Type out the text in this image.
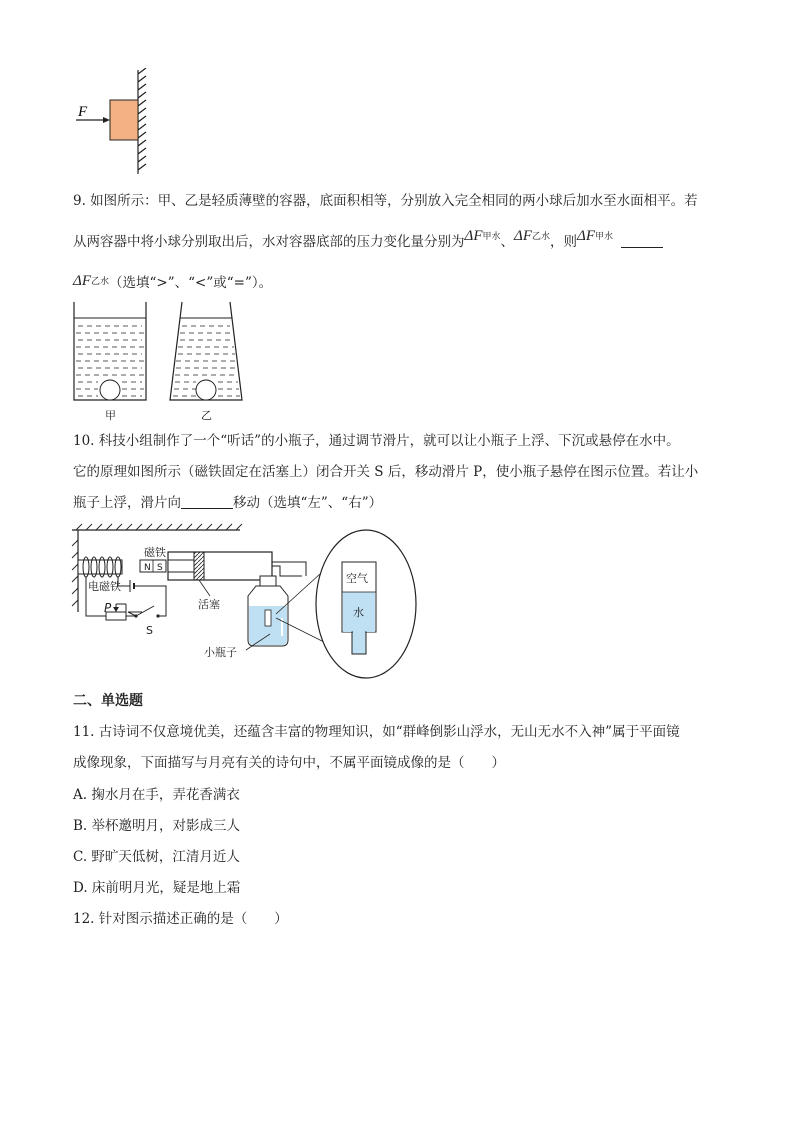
F
9. 如图所示：甲、乙是轻质薄壁的容器，底面积相等，分别放入完全相同的两小球后加水至水面相平。若
从两容器中将小球分别取出后，水对容器底部的压力变化量分别为ΔF甲水、ΔF乙水，则ΔF甲水
ΔF乙水（选填“>”、“<”或“=”）。
甲	乙
10. 科技小组制作了一个“听话”的小瓶子，通过调节滑片，就可以让小瓶子上浮、下沉或悬停在水中。
它的原理如图所示（磁铁固定在活塞上）闭合开关 S 后，移动滑片 P，使小瓶子悬停在图示位置。若让小
瓶子上浮，滑片向	移动（选填“左”、“右”）
磁铁
电磁铁
N S
活塞
P
S
小瓶子
空气
水
二、单选题
11. 古诗词不仅意境优美，还蕴含丰富的物理知识，如“群峰倒影山浮水，无山无水不入神”属于平面镜
成像现象，下面描写与月亮有关的诗句中，不属平面镜成像的是（　　）
A. 掬水月在手，弄花香满衣
B. 举杯邀明月，对影成三人
C. 野旷天低树，江清月近人
D. 床前明月光，疑是地上霜
12. 针对图示描述正确的是（　　）
